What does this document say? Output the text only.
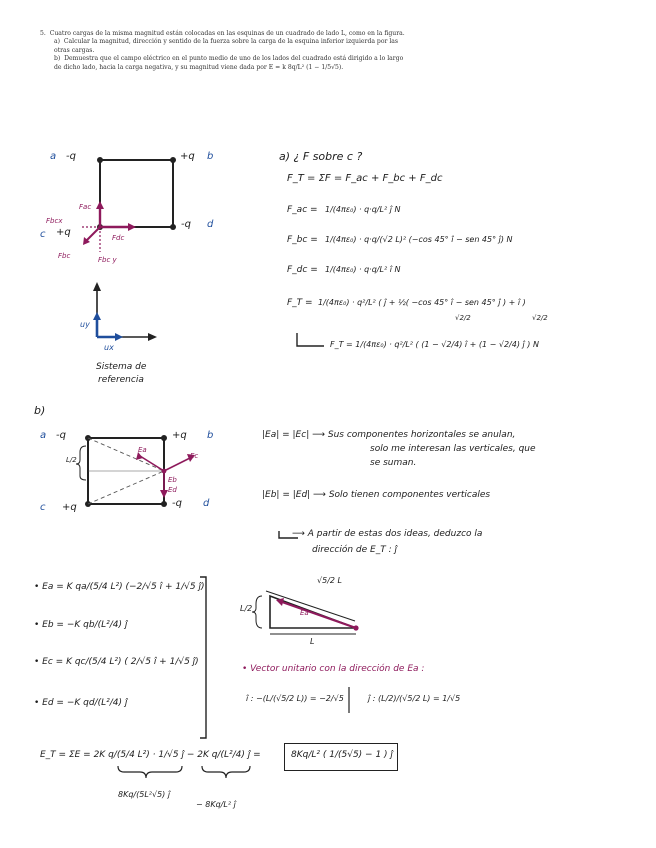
5. Cuatro cargas de la misma magnitud están colocadas en las esquinas de un cuadrado de lado L, como en la figura.

a) Calcular la magnitud, dirección y sentido de la fuerza sobre la carga de la esquina inferior izquierda por las otras cargas.

b) Demuestra que el campo eléctrico en el punto medio de uno de los lados del cuadrado está dirigido a lo largo de dicho lado, hacia la carga negativa, y su magnitud viene dada por E = k 8q/L² (1 − 1/5√5).

a -q	+q b
c +q
-q d
Fac
Fbcx
Fbc	Fbc y
Fdc
uy
ux
Sistema de
referencia
a) ¿ F sobre c ?
F_T = ΣF = F_ac + F_bc + F_dc
F_ac = 1/(4πε₀) · q·q/L² ĵ N
F_bc = 1/(4πε₀) · q·q/(√2 L)² (−cos 45° î − sen 45° ĵ) N
F_dc = 1/(4πε₀) · q·q/L² î N
F_T = 1/(4πε₀) · q²/L² ( ĵ + ½( −cos 45° î − sen 45° ĵ ) + î )
√2/2	√2/2
F_T = 1/(4πε₀) · q²/L² ( (1 − √2/4) î + (1 − √2/4) ĵ ) N
b)
a -q	+q b
c +q	-q d
L/2
Ea
Ec
Eb
Ed
|Ea| = |Ec| ⟶ Sus componentes horizontales se anulan,
solo me interesan las verticales, que
se suman.
|Eb| = |Ed| ⟶ Solo tienen componentes verticales
⟶ A partir de estas dos ideas, deduzco la
dirección de E_T : ĵ
• Ea = K qa/(5/4 L²) (−2/√5 î + 1/√5 ĵ)
• Eb = −K qb/(L²/4) ĵ
• Ec = K qc/(5/4 L²) ( 2/√5 î + 1/√5 ĵ)
• Ed = −K qd/(L²/4) ĵ
√5/2 L
L/2
L
Ea
• Vector unitario con la dirección de Ea :
î : −(L/(√5/2 L)) = −2/√5	ĵ : (L/2)/(√5/2 L) = 1/√5
E_T = ΣE = 2K q/(5/4 L²) · 1/√5 ĵ − 2K q/(L²/4) ĵ =	8Kq/L² ( 1/(5√5) − 1 ) ĵ
8Kq/(5L²√5) ĵ
− 8Kq/L² ĵ
